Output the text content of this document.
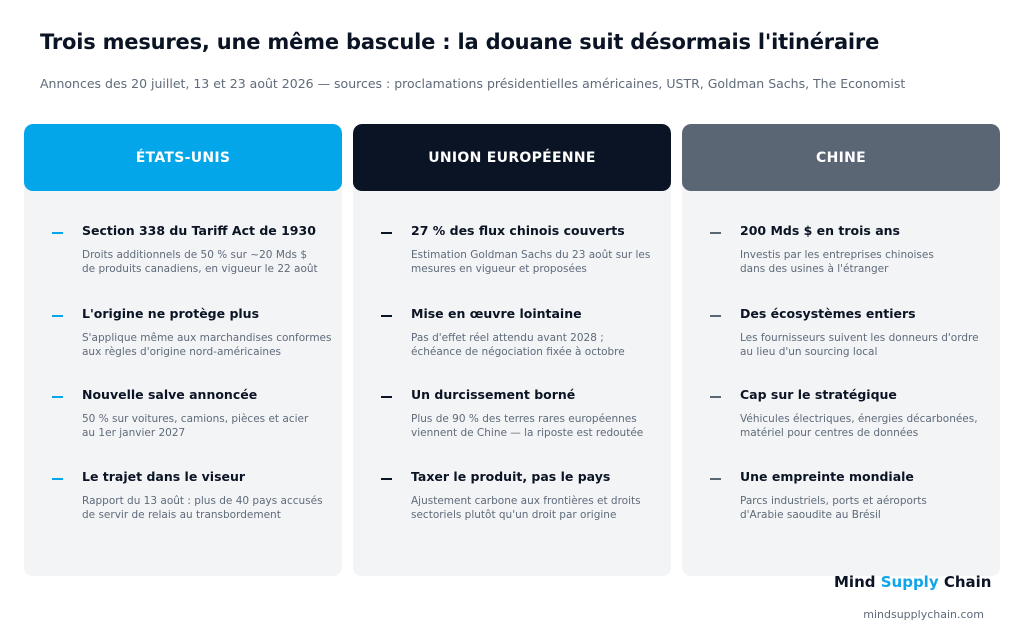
Trois mesures, une même bascule : la douane suit désormais l'itinéraire
Annonces des 20 juillet, 13 et 23 août 2026 — sources : proclamations présidentielles américaines, USTR, Goldman Sachs, The Economist
ÉTATS-UNIS
Section 338 du Tariff Act de 1930
Droits additionnels de 50 % sur ~20 Mds $
de produits canadiens, en vigueur le 22 août
L'origine ne protège plus
S'applique même aux marchandises conformes
aux règles d'origine nord-américaines
Nouvelle salve annoncée
50 % sur voitures, camions, pièces et acier
au 1er janvier 2027
Le trajet dans le viseur
Rapport du 13 août : plus de 40 pays accusés
de servir de relais au transbordement
UNION EUROPÉENNE
27 % des flux chinois couverts
Estimation Goldman Sachs du 23 août sur les
mesures en vigueur et proposées
Mise en œuvre lointaine
Pas d'effet réel attendu avant 2028 ;
échéance de négociation fixée à octobre
Un durcissement borné
Plus de 90 % des terres rares européennes
viennent de Chine — la riposte est redoutée
Taxer le produit, pas le pays
Ajustement carbone aux frontières et droits
sectoriels plutôt qu'un droit par origine
CHINE
200 Mds $ en trois ans
Investis par les entreprises chinoises
dans des usines à l'étranger
Des écosystèmes entiers
Les fournisseurs suivent les donneurs d'ordre
au lieu d'un sourcing local
Cap sur le stratégique
Véhicules électriques, énergies décarbonées,
matériel pour centres de données
Une empreinte mondiale
Parcs industriels, ports et aéroports
d'Arabie saoudite au Brésil
Mind Supply Chain
mindsupplychain.com
